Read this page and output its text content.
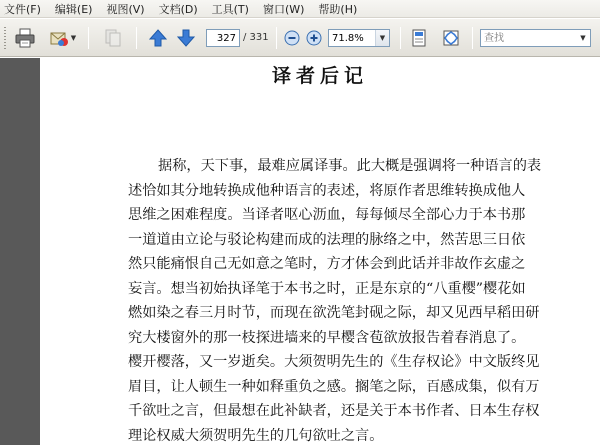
文件(F) 编辑(E) 视图(V) 文档(D) 工具(T) 窗口(W) 帮助(H)
▼
327	/ 331
71.8%	▼
查找	▼
译者后记
据称，天下事，最难应属译事。此大概是强调将一种语言的表
述恰如其分地转换成他种语言的表述，将原作者思维转换成他人
思维之困难程度。当译者呕心沥血，每每倾尽全部心力于本书那
一道道由立论与驳论构建而成的法理的脉络之中，然苦思三日依
然只能痛恨自己无如意之笔时，方才体会到此话并非故作玄虚之
妄言。想当初始执译笔于本书之时，正是东京的“八重樱”樱花如
燃如染之春三月时节，而现在欲洗笔封砚之际，却又见西早稻田研
究大楼窗外的那一枝探进墙来的早樱含苞欲放报告着春消息了。
樱开樱落，又一岁逝矣。大须贺明先生的《生存权论》中文版终见
眉目，让人顿生一种如释重负之感。搁笔之际，百感成集，似有万
千欲吐之言，但最想在此补缺者，还是关于本书作者、日本生存权
理论权威大须贺明先生的几句欲吐之言。
